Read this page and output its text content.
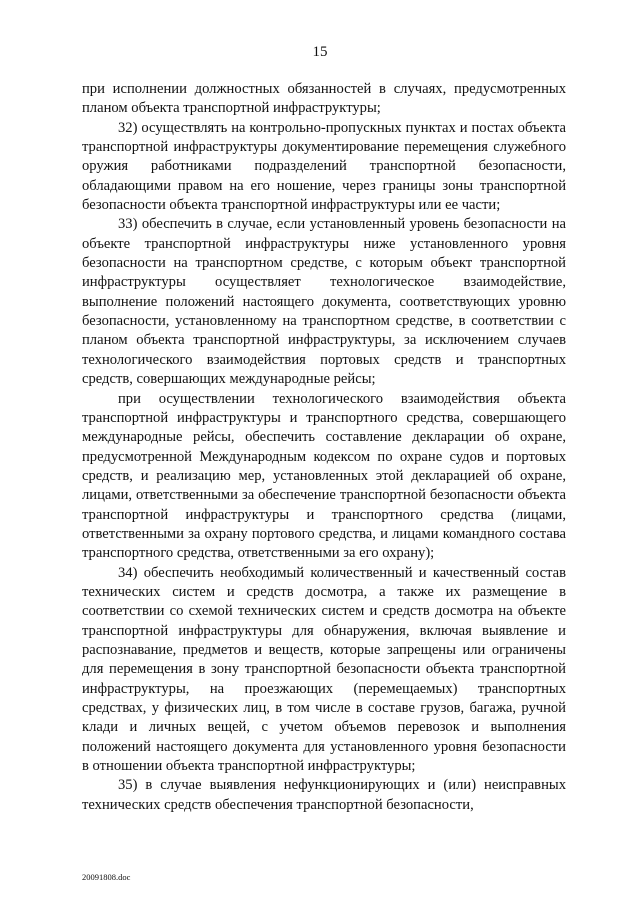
15

при исполнении должностных обязанностей в случаях, предусмотренных планом объекта транспортной инфраструктуры;

32) осуществлять на контрольно-пропускных пунктах и постах объекта транспортной инфраструктуры документирование перемещения служебного оружия работниками подразделений транспортной безопасности, обладающими правом на его ношение, через границы зоны транспортной безопасности объекта транспортной инфраструктуры или ее части;

33) обеспечить в случае, если установленный уровень безопасности на объекте транспортной инфраструктуры ниже установленного уровня безопасности на транспортном средстве, с которым объект транспортной инфраструктуры осуществляет технологическое взаимодействие, выполнение положений настоящего документа, соответствующих уровню безопасности, установленному на транспортном средстве, в соответствии с планом объекта транспортной инфраструктуры, за исключением случаев технологического взаимодействия портовых средств и транспортных средств, совершающих международные рейсы;

при осуществлении технологического взаимодействия объекта транспортной инфраструктуры и транспортного средства, совершающего международные рейсы, обеспечить составление декларации об охране, предусмотренной Международным кодексом по охране судов и портовых средств, и реализацию мер, установленных этой декларацией об охране, лицами, ответственными за обеспечение транспортной безопасности объекта транспортной инфраструктуры и транспортного средства (лицами, ответственными за охрану портового средства, и лицами командного состава транспортного средства, ответственными за его охрану);

34) обеспечить необходимый количественный и качественный состав технических систем и средств досмотра, а также их размещение в соответствии со схемой технических систем и средств досмотра на объекте транспортной инфраструктуры для обнаружения, включая выявление и распознавание, предметов и веществ, которые запрещены или ограничены для перемещения в зону транспортной безопасности объекта транспортной инфраструктуры, на проезжающих (перемещаемых) транспортных средствах, у физических лиц, в том числе в составе грузов, багажа, ручной клади и личных вещей, с учетом объемов перевозок и выполнения положений настоящего документа для установленного уровня безопасности в отношении объекта транспортной инфраструктуры;

35) в случае выявления нефункционирующих и (или) неисправных технических средств обеспечения транспортной безопасности,

20091808.doc
